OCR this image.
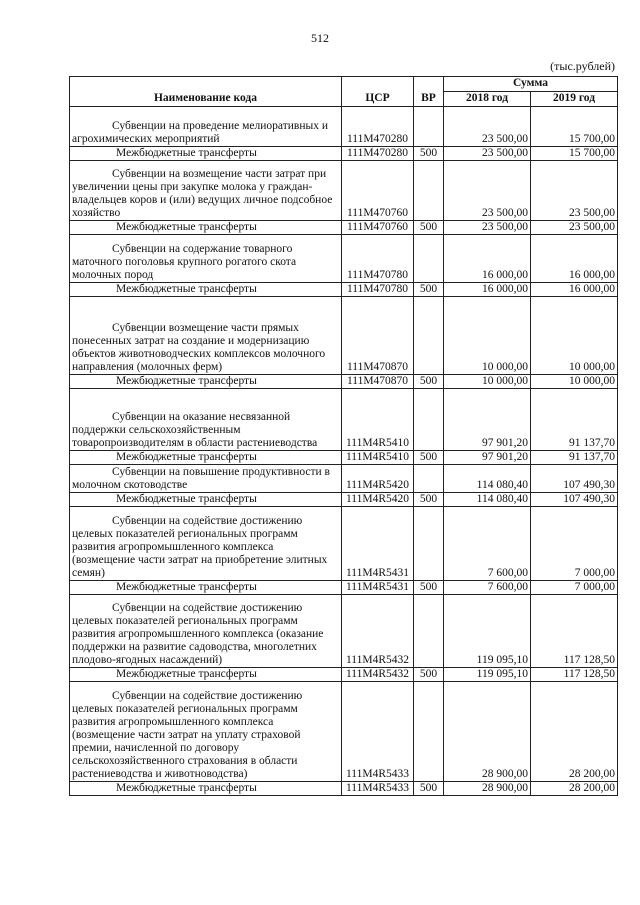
512
(тыс.рублей)
Наименование кода	ЦСР	ВР	Сумма	
			2018 год	2019 год
Субвенции на проведение мелиоративных и агрохимических мероприятий	111М470280		23 500,00	15 700,00
Межбюджетные трансферты	111М470280	500	23 500,00	15 700,00
Субвенции на возмещение части затрат при увеличении цены при закупке молока у граждан-владельцев коров и (или) ведущих личное подсобное хозяйство	111М470760		23 500,00	23 500,00
Межбюджетные трансферты	111М470760	500	23 500,00	23 500,00
Субвенции на содержание товарного маточного поголовья крупного рогатого скота молочных пород	111М470780		16 000,00	16 000,00
Межбюджетные трансферты	111М470780	500	16 000,00	16 000,00
Субвенции возмещение части прямых понесенных затрат на создание и модернизацию объектов животноводческих комплексов молочного направления (молочных ферм)	111М470870		10 000,00	10 000,00
Межбюджетные трансферты	111М470870	500	10 000,00	10 000,00
Субвенции на оказание несвязанной поддержки сельскохозяйственным товаропроизводителям в области растениеводства	111М4R5410		97 901,20	91 137,70
Межбюджетные трансферты	111М4R5410	500	97 901,20	91 137,70
Субвенции на повышение продуктивности в молочном скотоводстве	111М4R5420		114 080,40	107 490,30
Межбюджетные трансферты	111М4R5420	500	114 080,40	107 490,30
Субвенции на содействие достижению целевых показателей региональных программ развития агропромышленного комплекса (возмещение части затрат на приобретение элитных семян)	111М4R5431		7 600,00	7 000,00
Межбюджетные трансферты	111М4R5431	500	7 600,00	7 000,00
Субвенции на содействие достижению целевых показателей региональных программ развития агропромышленного комплекса (оказание поддержки на развитие садоводства, многолетних плодово-ягодных насаждений)	111М4R5432		119 095,10	117 128,50
Межбюджетные трансферты	111М4R5432	500	119 095,10	117 128,50
Субвенции на содействие достижению целевых показателей региональных программ развития агропромышленного комплекса (возмещение части затрат на уплату страховой премии, начисленной по договору сельскохозяйственного страхования в области растениеводства и животноводства)	111М4R5433		28 900,00	28 200,00
Межбюджетные трансферты	111М4R5433	500	28 900,00	28 200,00
